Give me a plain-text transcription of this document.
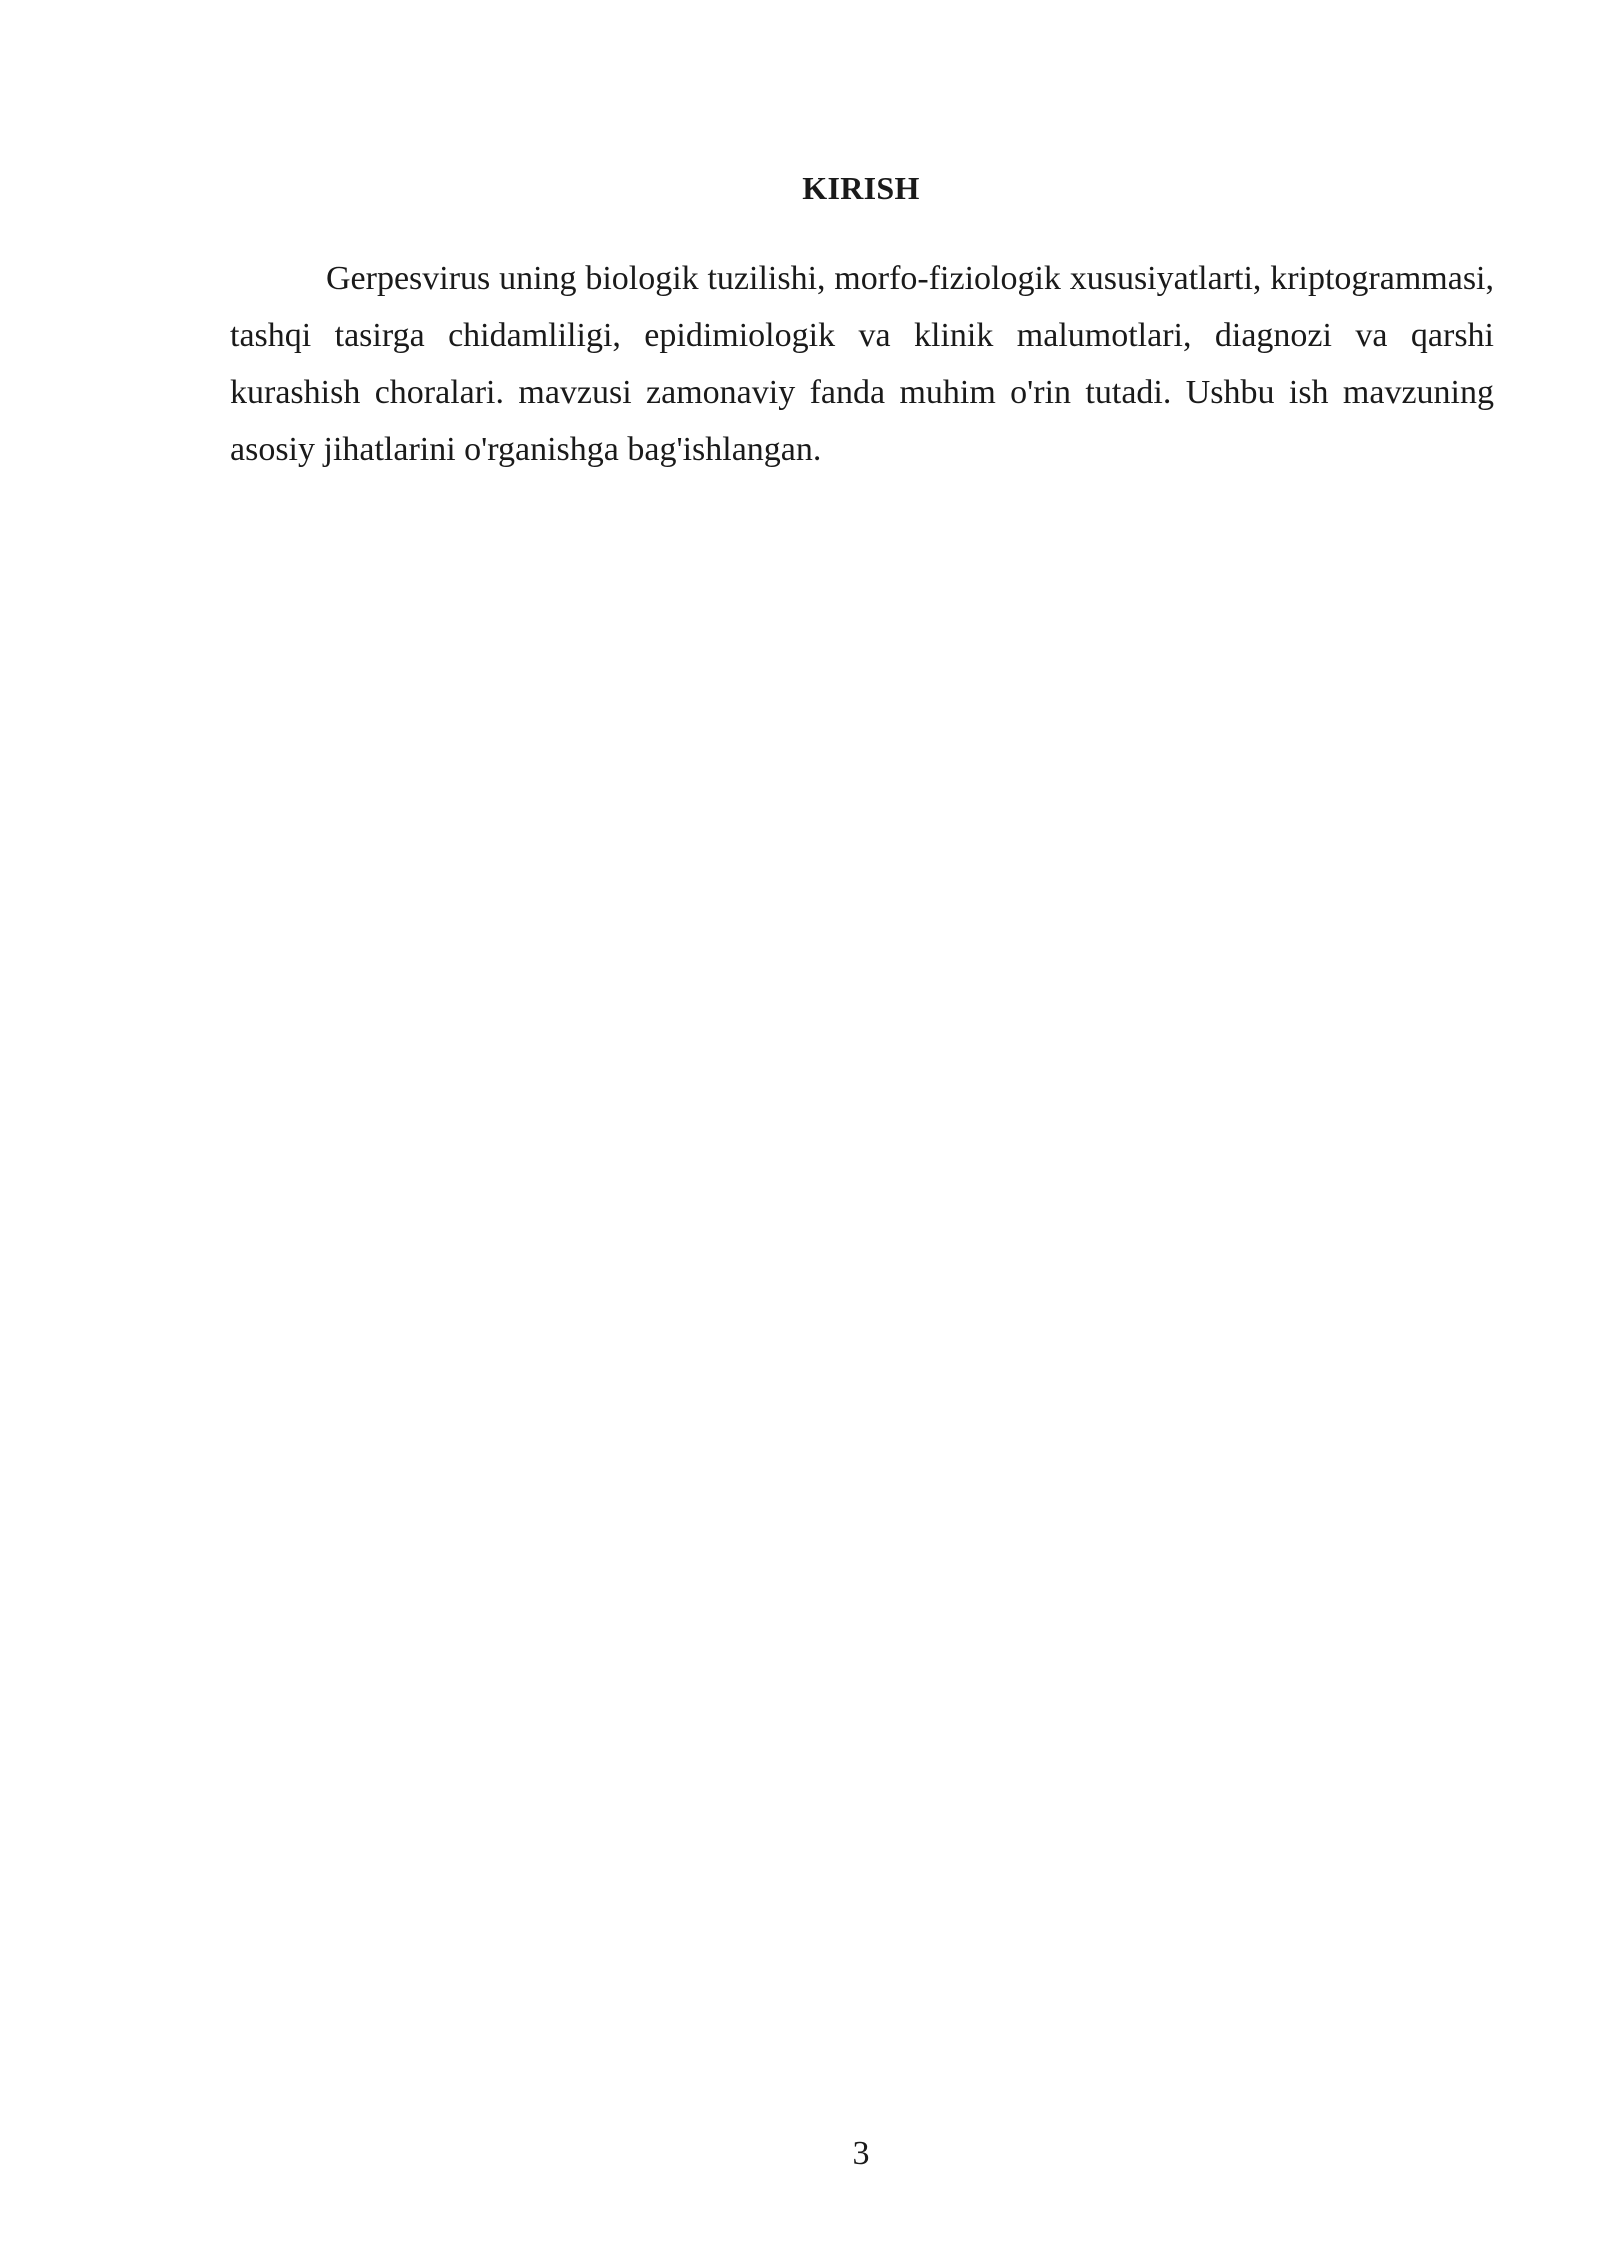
KIRISH

Gerpesvirus uning biologik tuzilishi, morfo-fiziologik xususiyatlarti, kriptogrammasi, tashqi tasirga chidamliligi, epidimiologik va klinik malumotlari, diagnozi va qarshi kurashish choralari. mavzusi zamonaviy fanda muhim o'rin tutadi. Ushbu ish mavzuning asosiy jihatlarini o'rganishga bag'ishlangan.

3
